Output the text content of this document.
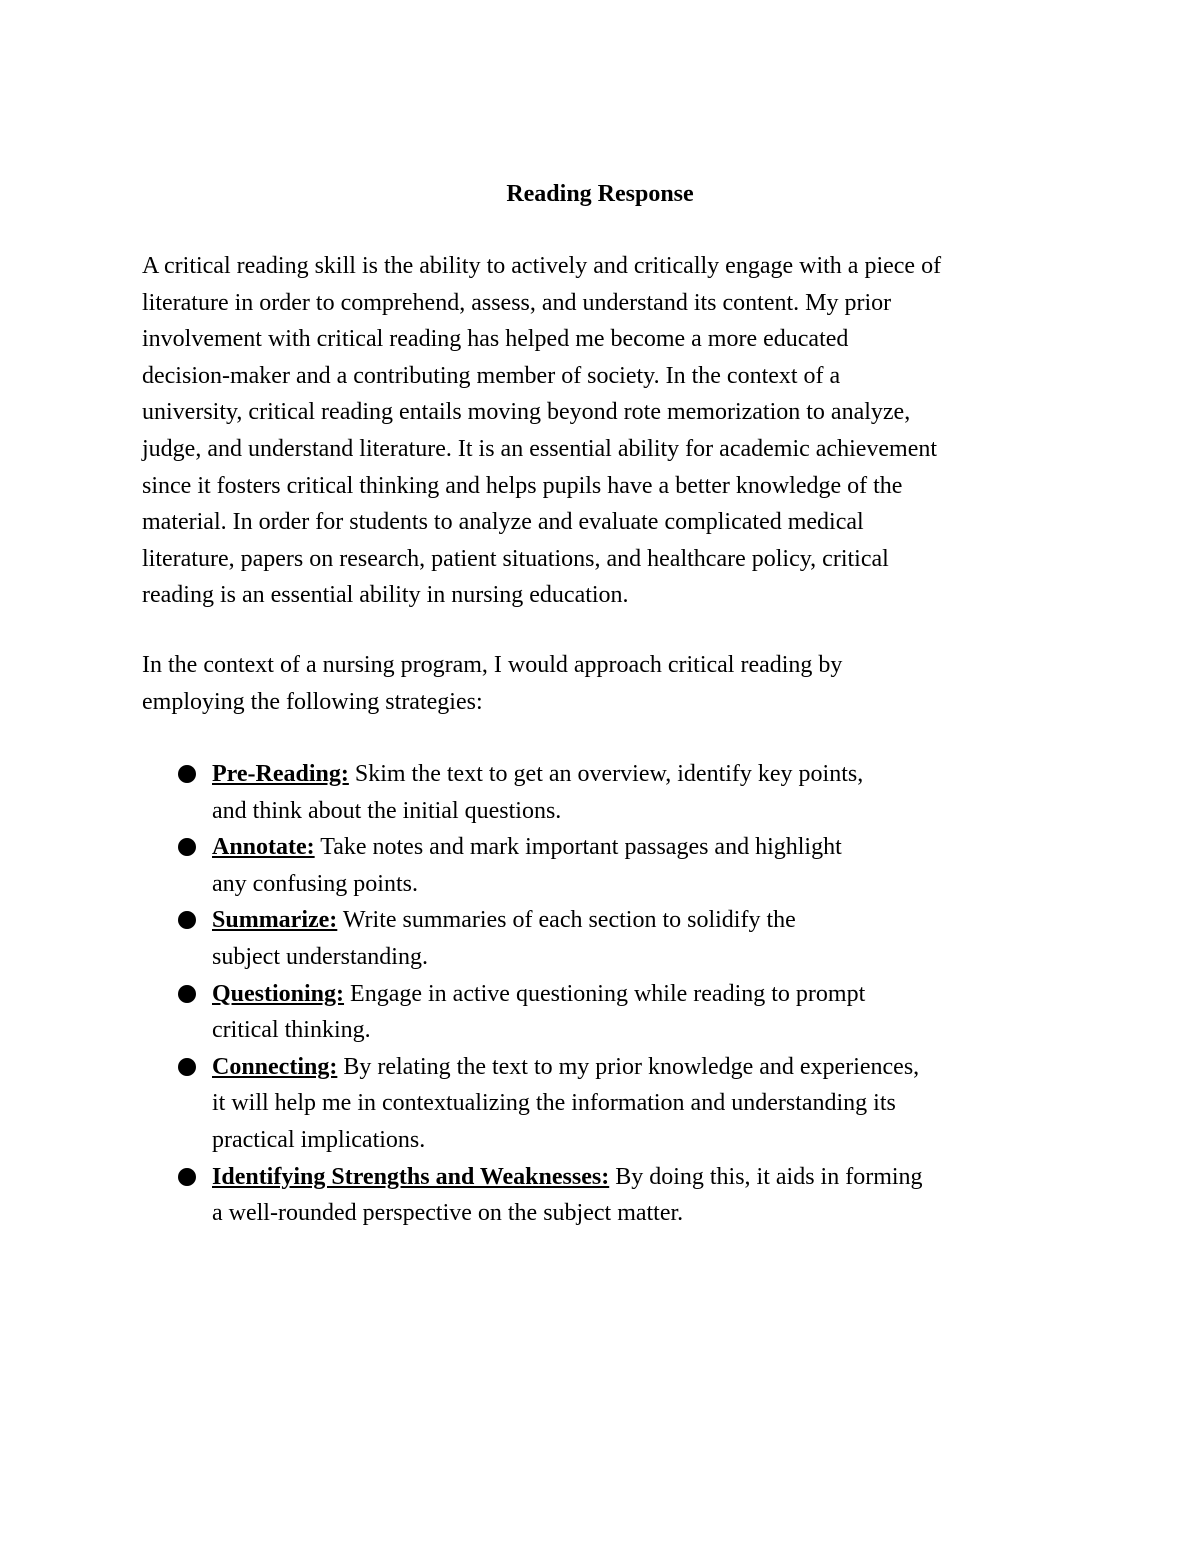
Reading Response

A critical reading skill is the ability to actively and critically engage with a piece of
literature in order to comprehend, assess, and understand its content. My prior
involvement with critical reading has helped me become a more educated
decision-maker and a contributing member of society. In the context of a
university, critical reading entails moving beyond rote memorization to analyze,
judge, and understand literature. It is an essential ability for academic achievement
since it fosters critical thinking and helps pupils have a better knowledge of the
material. In order for students to analyze and evaluate complicated medical
literature, papers on research, patient situations, and healthcare policy, critical
reading is an essential ability in nursing education.

In the context of a nursing program, I would approach critical reading by
employing the following strategies:

Pre-Reading: Skim the text to get an overview, identify key points,
and think about the initial questions.
Annotate: Take notes and mark important passages and highlight
any confusing points.
Summarize: Write summaries of each section to solidify the
subject understanding.
Questioning: Engage in active questioning while reading to prompt
critical thinking.
Connecting: By relating the text to my prior knowledge and experiences,
it will help me in contextualizing the information and understanding its
practical implications.
Identifying Strengths and Weaknesses: By doing this, it aids in forming
a well-rounded perspective on the subject matter.
